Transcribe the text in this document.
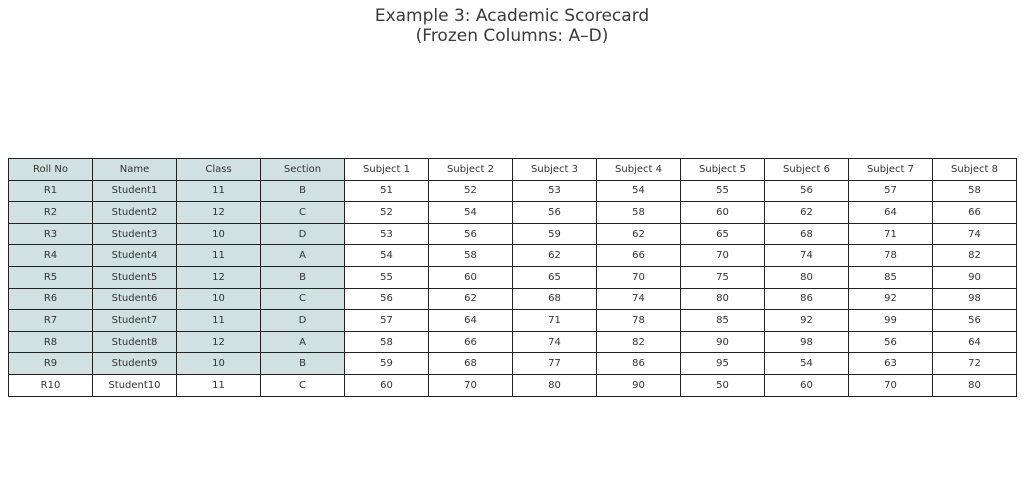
Example 3: Academic Scorecard
(Frozen Columns: A–D)
Roll No	Name	Class	Section	Subject 1	Subject 2	Subject 3	Subject 4	Subject 5	Subject 6	Subject 7	Subject 8
R1	Student1	11	B	51	52	53	54	55	56	57	58
R2	Student2	12	C	52	54	56	58	60	62	64	66
R3	Student3	10	D	53	56	59	62	65	68	71	74
R4	Student4	11	A	54	58	62	66	70	74	78	82
R5	Student5	12	B	55	60	65	70	75	80	85	90
R6	Student6	10	C	56	62	68	74	80	86	92	98
R7	Student7	11	D	57	64	71	78	85	92	99	56
R8	Student8	12	A	58	66	74	82	90	98	56	64
R9	Student9	10	B	59	68	77	86	95	54	63	72
R10	Student10	11	C	60	70	80	90	50	60	70	80
